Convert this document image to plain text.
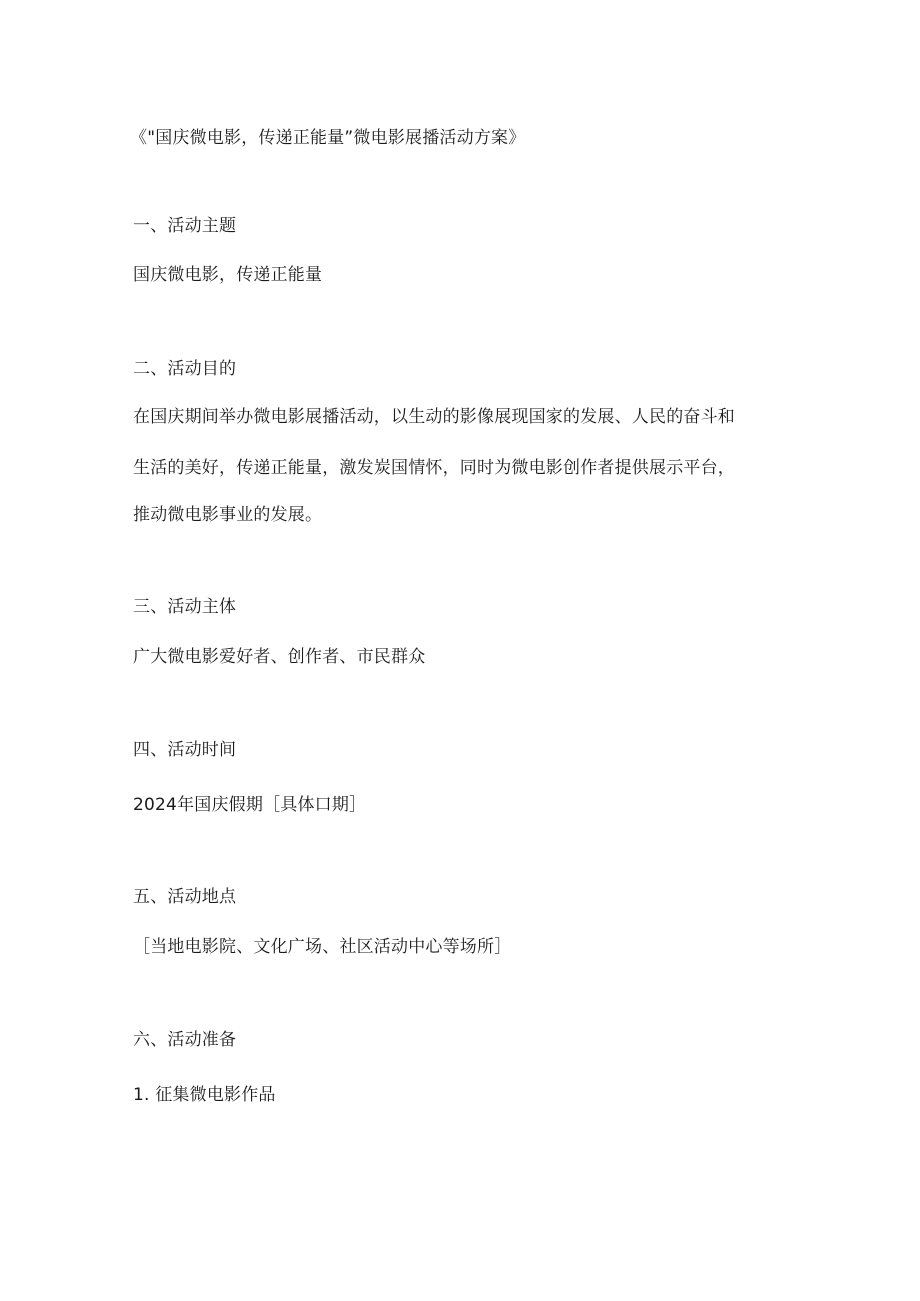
《"国庆微电影，传递正能量”微电影展播活动方案》
一、活动主题
国庆微电影，传递正能量
二、活动目的
在国庆期间举办微电影展播活动，以生动的影像展现国家的发展、人民的奋斗和
生活的美好，传递正能量，激发炭国情怀，同时为微电影创作者提供展示平台，
推动微电影事业的发展。
三、活动主体
广大微电影爱好者、创作者、市民群众
四、活动时间
2024年国庆假期［具体口期］
五、活动地点
［当地电影院、文化广场、社区活动中心等场所］
六、活动准备
1. 征集微电影作品
